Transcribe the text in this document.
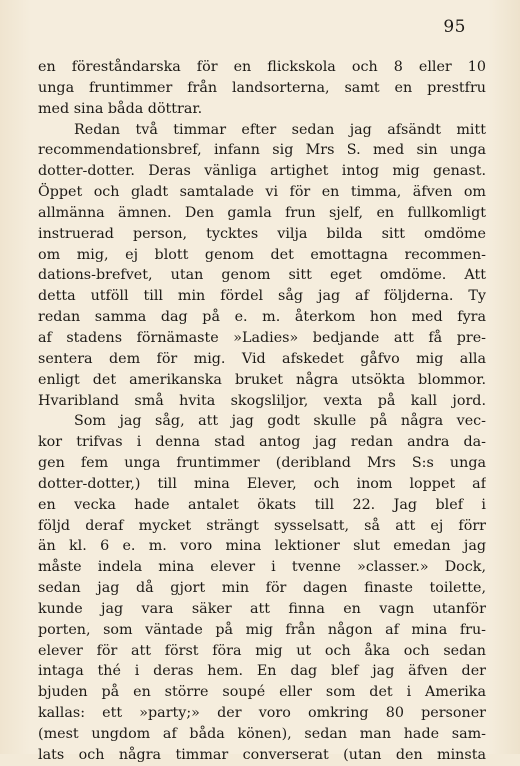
95
en föreståndarska för en flickskola och 8 eller 10
unga fruntimmer från landsorterna, samt en prestfru
med sina båda döttrar.
Redan två timmar efter sedan jag afsändt mitt
recommendationsbref, infann sig Mrs S. med sin unga
dotter-dotter. Deras vänliga artighet intog mig genast.
Öppet och gladt samtalade vi för en timma, äfven om
allmänna ämnen. Den gamla frun sjelf, en fullkomligt
instruerad person, tycktes vilja bilda sitt omdöme
om mig, ej blott genom det emottagna recommen-
dations-brefvet, utan genom sitt eget omdöme. Att
detta utföll till min fördel såg jag af följderna. Ty
redan samma dag på e. m. återkom hon med fyra
af stadens förnämaste »Ladies» bedjande att få pre-
sentera dem för mig. Vid afskedet gåfvo mig alla
enligt det amerikanska bruket några utsökta blommor.
Hvaribland små hvita skogsliljor, vexta på kall jord.
Som jag såg, att jag godt skulle på några vec-
kor trifvas i denna stad antog jag redan andra da-
gen fem unga fruntimmer (deribland Mrs S:s unga
dotter-dotter,) till mina Elever, och inom loppet af
en vecka hade antalet ökats till 22. Jag blef i
följd deraf mycket strängt sysselsatt, så att ej förr
än kl. 6 e. m. voro mina lektioner slut emedan jag
måste indela mina elever i tvenne »classer.» Dock,
sedan jag då gjort min för dagen finaste toilette,
kunde jag vara säker att finna en vagn utanför
porten, som väntade på mig från någon af mina fru-
elever för att först föra mig ut och åka och sedan
intaga thé i deras hem. En dag blef jag äfven der
bjuden på en större soupé eller som det i Amerika
kallas: ett »party;» der voro omkring 80 personer
(mest ungdom af båda könen), sedan man hade sam-
lats och några timmar converserat (utan den minsta
